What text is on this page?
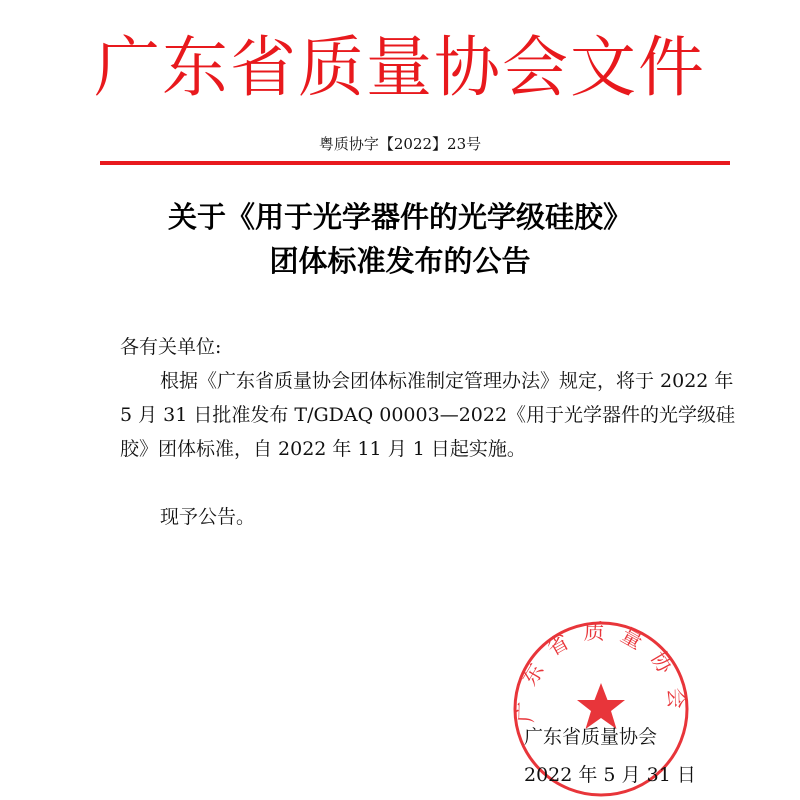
广东省质量协会文件
粤质协字【2022】23号
关于《用于光学器件的光学级硅胶》
团体标准发布的公告

各有关单位:

根据《广东省质量协会团体标准制定管理办法》规定，将于 2022 年 5 月 31 日批准发布 T/GDAQ 00003—2022《用于光学器件的光学级硅胶》团体标准，自 2022 年 11 月 1 日起实施。

现予公告。

广东省质量协会
广东省质量协会
2022 年 5 月 31 日
